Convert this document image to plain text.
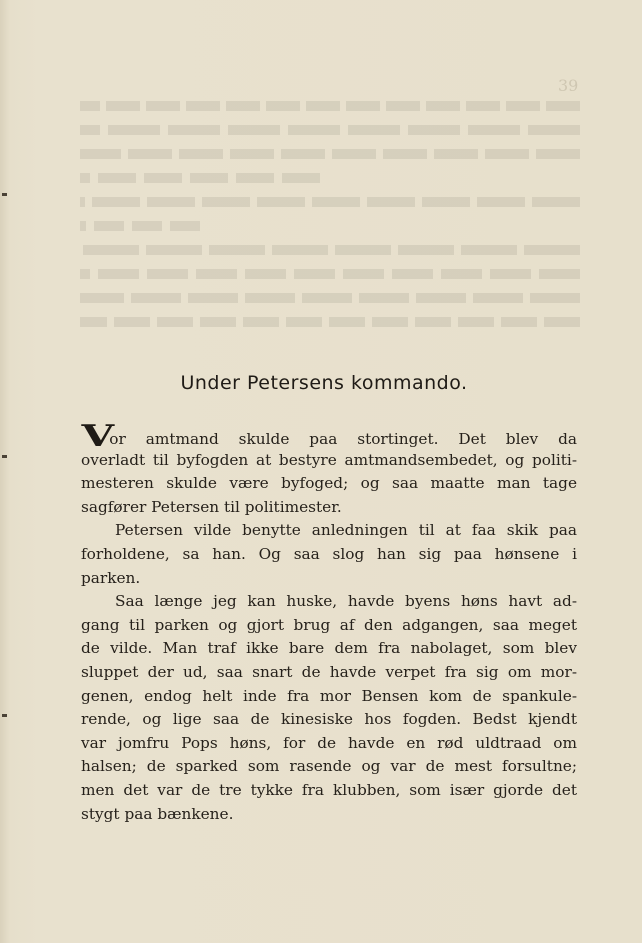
39
Under Petersens kommando.
Vor amtmand skulde paa stortinget. Det blev da
overladt til byfogden at bestyre amtmandsembedet, og politi-
mesteren skulde være byfoged; og saa maatte man tage
sagfører Petersen til politimester.
Petersen vilde benytte anledningen til at faa skik paa
forholdene, sa han. Og saa slog han sig paa hønsene i
parken.
Saa længe jeg kan huske, havde byens høns havt ad-
gang til parken og gjort brug af den adgangen, saa meget
de vilde. Man traf ikke bare dem fra nabolaget, som blev
sluppet der ud, saa snart de havde verpet fra sig om mor-
genen, endog helt inde fra mor Bensen kom de spankule-
rende, og lige saa de kinesiske hos fogden. Bedst kjendt
var jomfru Pops høns, for de havde en rød uldtraad om
halsen; de sparked som rasende og var de mest forsultne;
men det var de tre tykke fra klubben, som især gjorde det
stygt paa bænkene.
